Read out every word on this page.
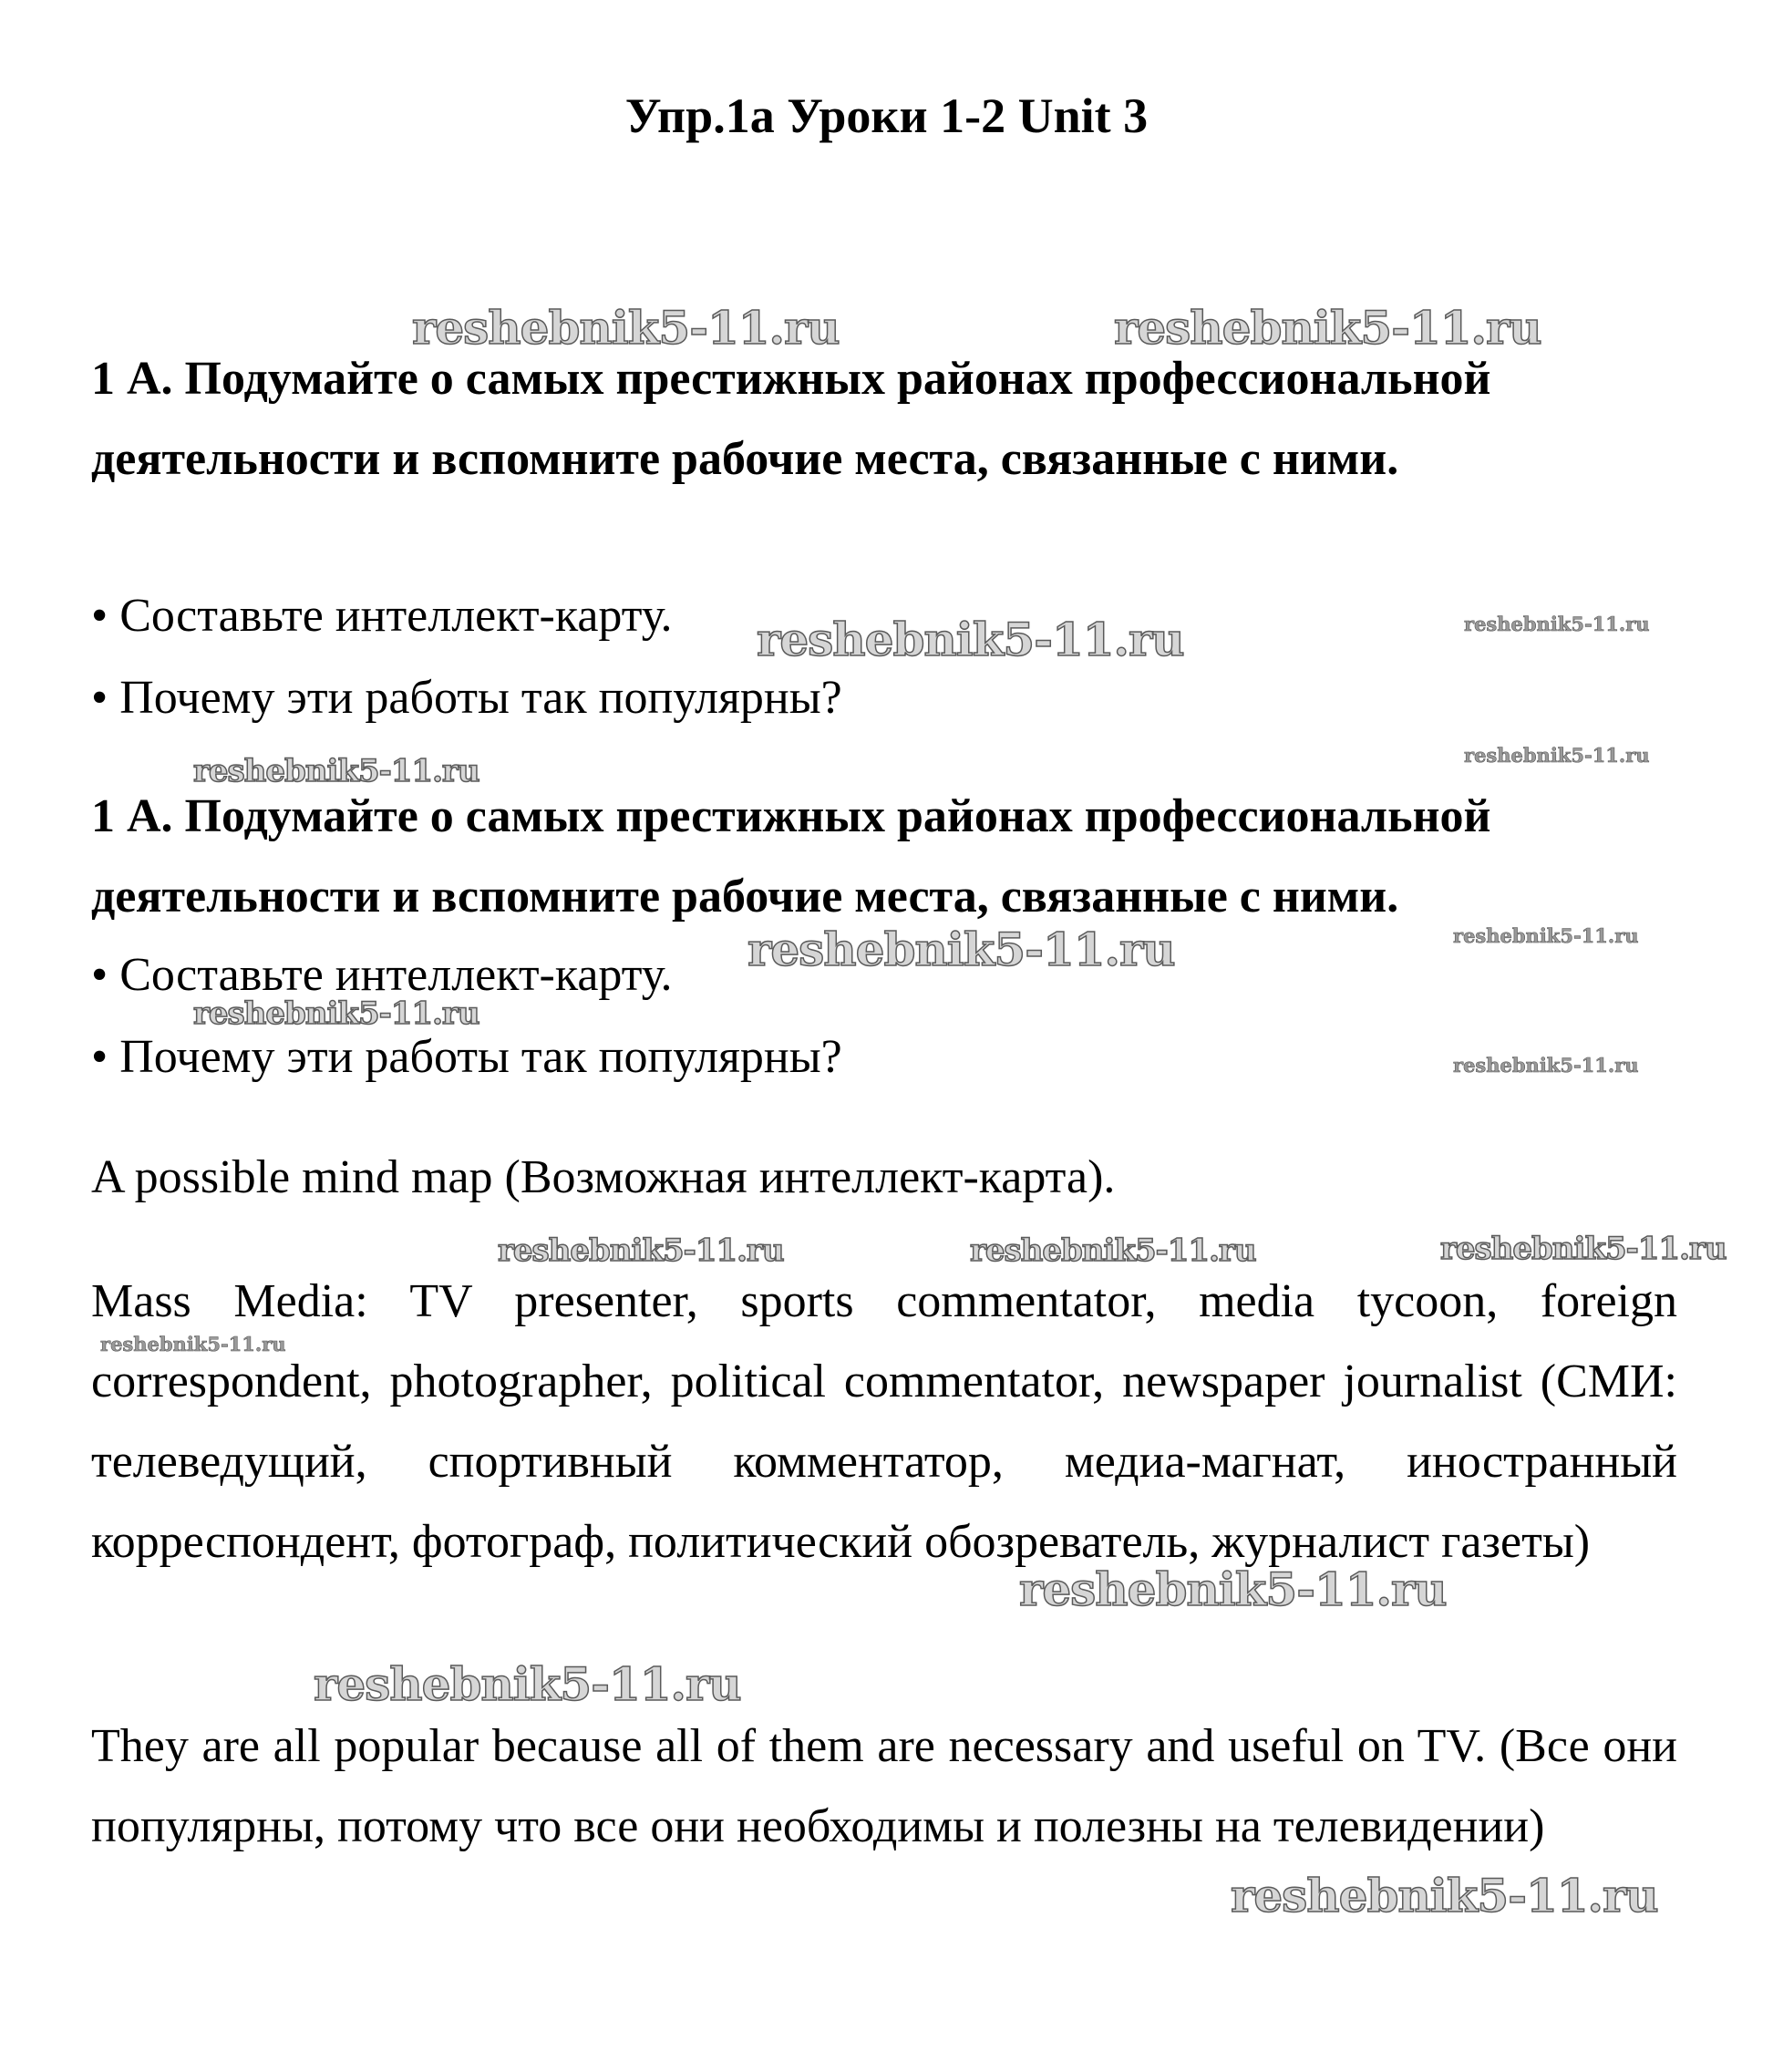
Упр.1а Уроки 1-2 Unit 3

1 А. Подумайте о самых престижных районах профессиональной деятельности и вспомните рабочие места, связанные с ними.

• Составьте интеллект-карту.

• Почему эти работы так популярны?

1 А. Подумайте о самых престижных районах профессиональной деятельности и вспомните рабочие места, связанные с ними.

• Составьте интеллект-карту.

• Почему эти работы так популярны?

A possible mind map (Возможная интеллект-карта).

Mass Media: TV presenter, sports commentator, media tycoon, foreign correspondent, photographer, political commentator, newspaper journalist (СМИ: телеведущий, спортивный комментатор, медиа-магнат, иностранный корреспондент, фотограф, политический обозреватель, журналист газеты)

They are all popular because all of them are necessary and useful on TV. (Все они популярны, потому что все они необходимы и полезны на телевидении)

reshebnik5-11.ru	reshebnik5-11.ru
reshebnik5-11.ru	reshebnik5-11.ru
reshebnik5-11.ru
reshebnik5-11.ru
reshebnik5-11.ru	reshebnik5-11.ru
reshebnik5-11.ru
reshebnik5-11.ru
reshebnik5-11.ru	reshebnik5-11.ru	reshebnik5-11.ru
reshebnik5-11.ru
reshebnik5-11.ru
reshebnik5-11.ru
reshebnik5-11.ru
